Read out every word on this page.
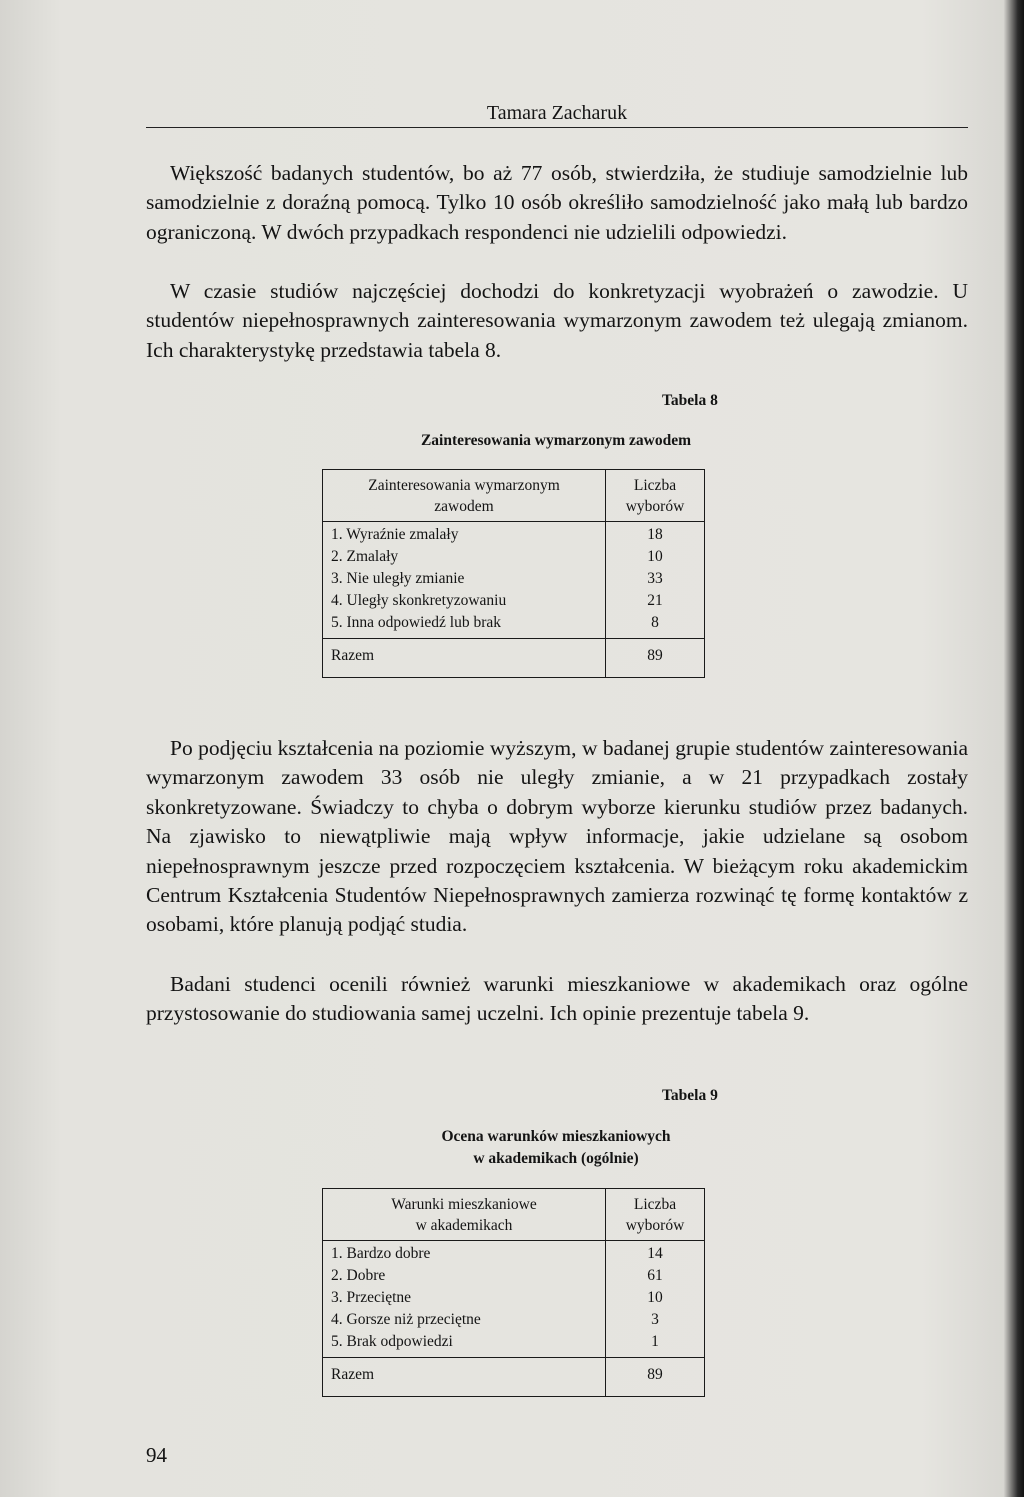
Tamara Zacharuk

Większość badanych studentów, bo aż 77 osób, stwierdziła, że studiuje samodzielnie lub samodzielnie z doraźną pomocą. Tylko 10 osób określiło samodzielność jako małą lub bardzo ograniczoną. W dwóch przypadkach respondenci nie udzielili odpowiedzi.

W czasie studiów najczęściej dochodzi do konkretyzacji wyobrażeń o zawodzie. U studentów niepełnosprawnych zainteresowania wymarzonym zawodem też ulegają zmianom. Ich charakterystykę przedstawia tabela 8.

Tabela 8
Zainteresowania wymarzonym zawodem
Zainteresowania wymarzonym
zawodem	Liczba
wyborów
1. Wyraźnie zmalały	18
2. Zmalały	10
3. Nie uległy zmianie	33
4. Uległy skonkretyzowaniu	21
5. Inna odpowiedź lub brak	8
Razem	89

Po podjęciu kształcenia na poziomie wyższym, w badanej grupie studentów zainteresowania wymarzonym zawodem 33 osób nie uległy zmianie, a w 21 przypadkach zostały skonkretyzowane. Świadczy to chyba o dobrym wyborze kierunku studiów przez badanych. Na zjawisko to niewątpliwie mają wpływ informacje, jakie udzielane są osobom niepełnosprawnym jeszcze przed rozpoczęciem kształcenia. W bieżącym roku akademickim Centrum Kształcenia Studentów Niepełnosprawnych zamierza rozwinąć tę formę kontaktów z osobami, które planują podjąć studia.

Badani studenci ocenili również warunki mieszkaniowe w akademikach oraz ogólne przystosowanie do studiowania samej uczelni. Ich opinie prezentuje tabela 9.

Tabela 9
Ocena warunków mieszkaniowych
w akademikach (ogólnie)
Warunki mieszkaniowe
w akademikach	Liczba
wyborów
1. Bardzo dobre	14
2. Dobre	61
3. Przeciętne	10
4. Gorsze niż przeciętne	3
5. Brak odpowiedzi	1
Razem	89
94
